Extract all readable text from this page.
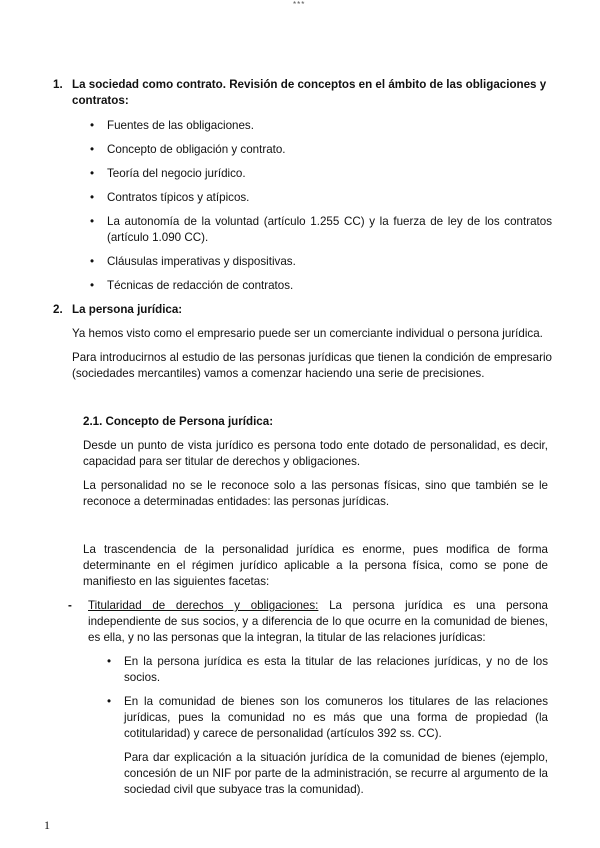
***
1. La sociedad como contrato. Revisión de conceptos en el ámbito de las obligaciones y contratos:
• Fuentes de las obligaciones.
• Concepto de obligación y contrato.
• Teoría del negocio jurídico.
• Contratos típicos y atípicos.
• La autonomía de la voluntad (artículo 1.255 CC) y la fuerza de ley de los contratos (artículo 1.090 CC).
• Cláusulas imperativas y dispositivas.
• Técnicas de redacción de contratos.
2. La persona jurídica:
Ya hemos visto como el empresario puede ser un comerciante individual o persona jurídica.
Para introducirnos al estudio de las personas jurídicas que tienen la condición de empresario (sociedades mercantiles) vamos a comenzar haciendo una serie de precisiones.
2.1. Concepto de Persona jurídica:
Desde un punto de vista jurídico es persona todo ente dotado de personalidad, es decir, capacidad para ser titular de derechos y obligaciones.
La personalidad no se le reconoce solo a las personas físicas, sino que también se le reconoce a determinadas entidades: las personas jurídicas.
La trascendencia de la personalidad jurídica es enorme, pues modifica de forma determinante en el régimen jurídico aplicable a la persona física, como se pone de manifiesto en las siguientes facetas:
- Titularidad de derechos y obligaciones: La persona jurídica es una persona independiente de sus socios, y a diferencia de lo que ocurre en la comunidad de bienes, es ella, y no las personas que la integran, la titular de las relaciones jurídicas:
• En la persona jurídica es esta la titular de las relaciones jurídicas, y no de los socios.
• En la comunidad de bienes son los comuneros los titulares de las relaciones jurídicas, pues la comunidad no es más que una forma de propiedad (la cotitularidad) y carece de personalidad (artículos 392 ss. CC).
Para dar explicación a la situación jurídica de la comunidad de bienes (ejemplo, concesión de un NIF por parte de la administración, se recurre al argumento de la sociedad civil que subyace tras la comunidad).
1
